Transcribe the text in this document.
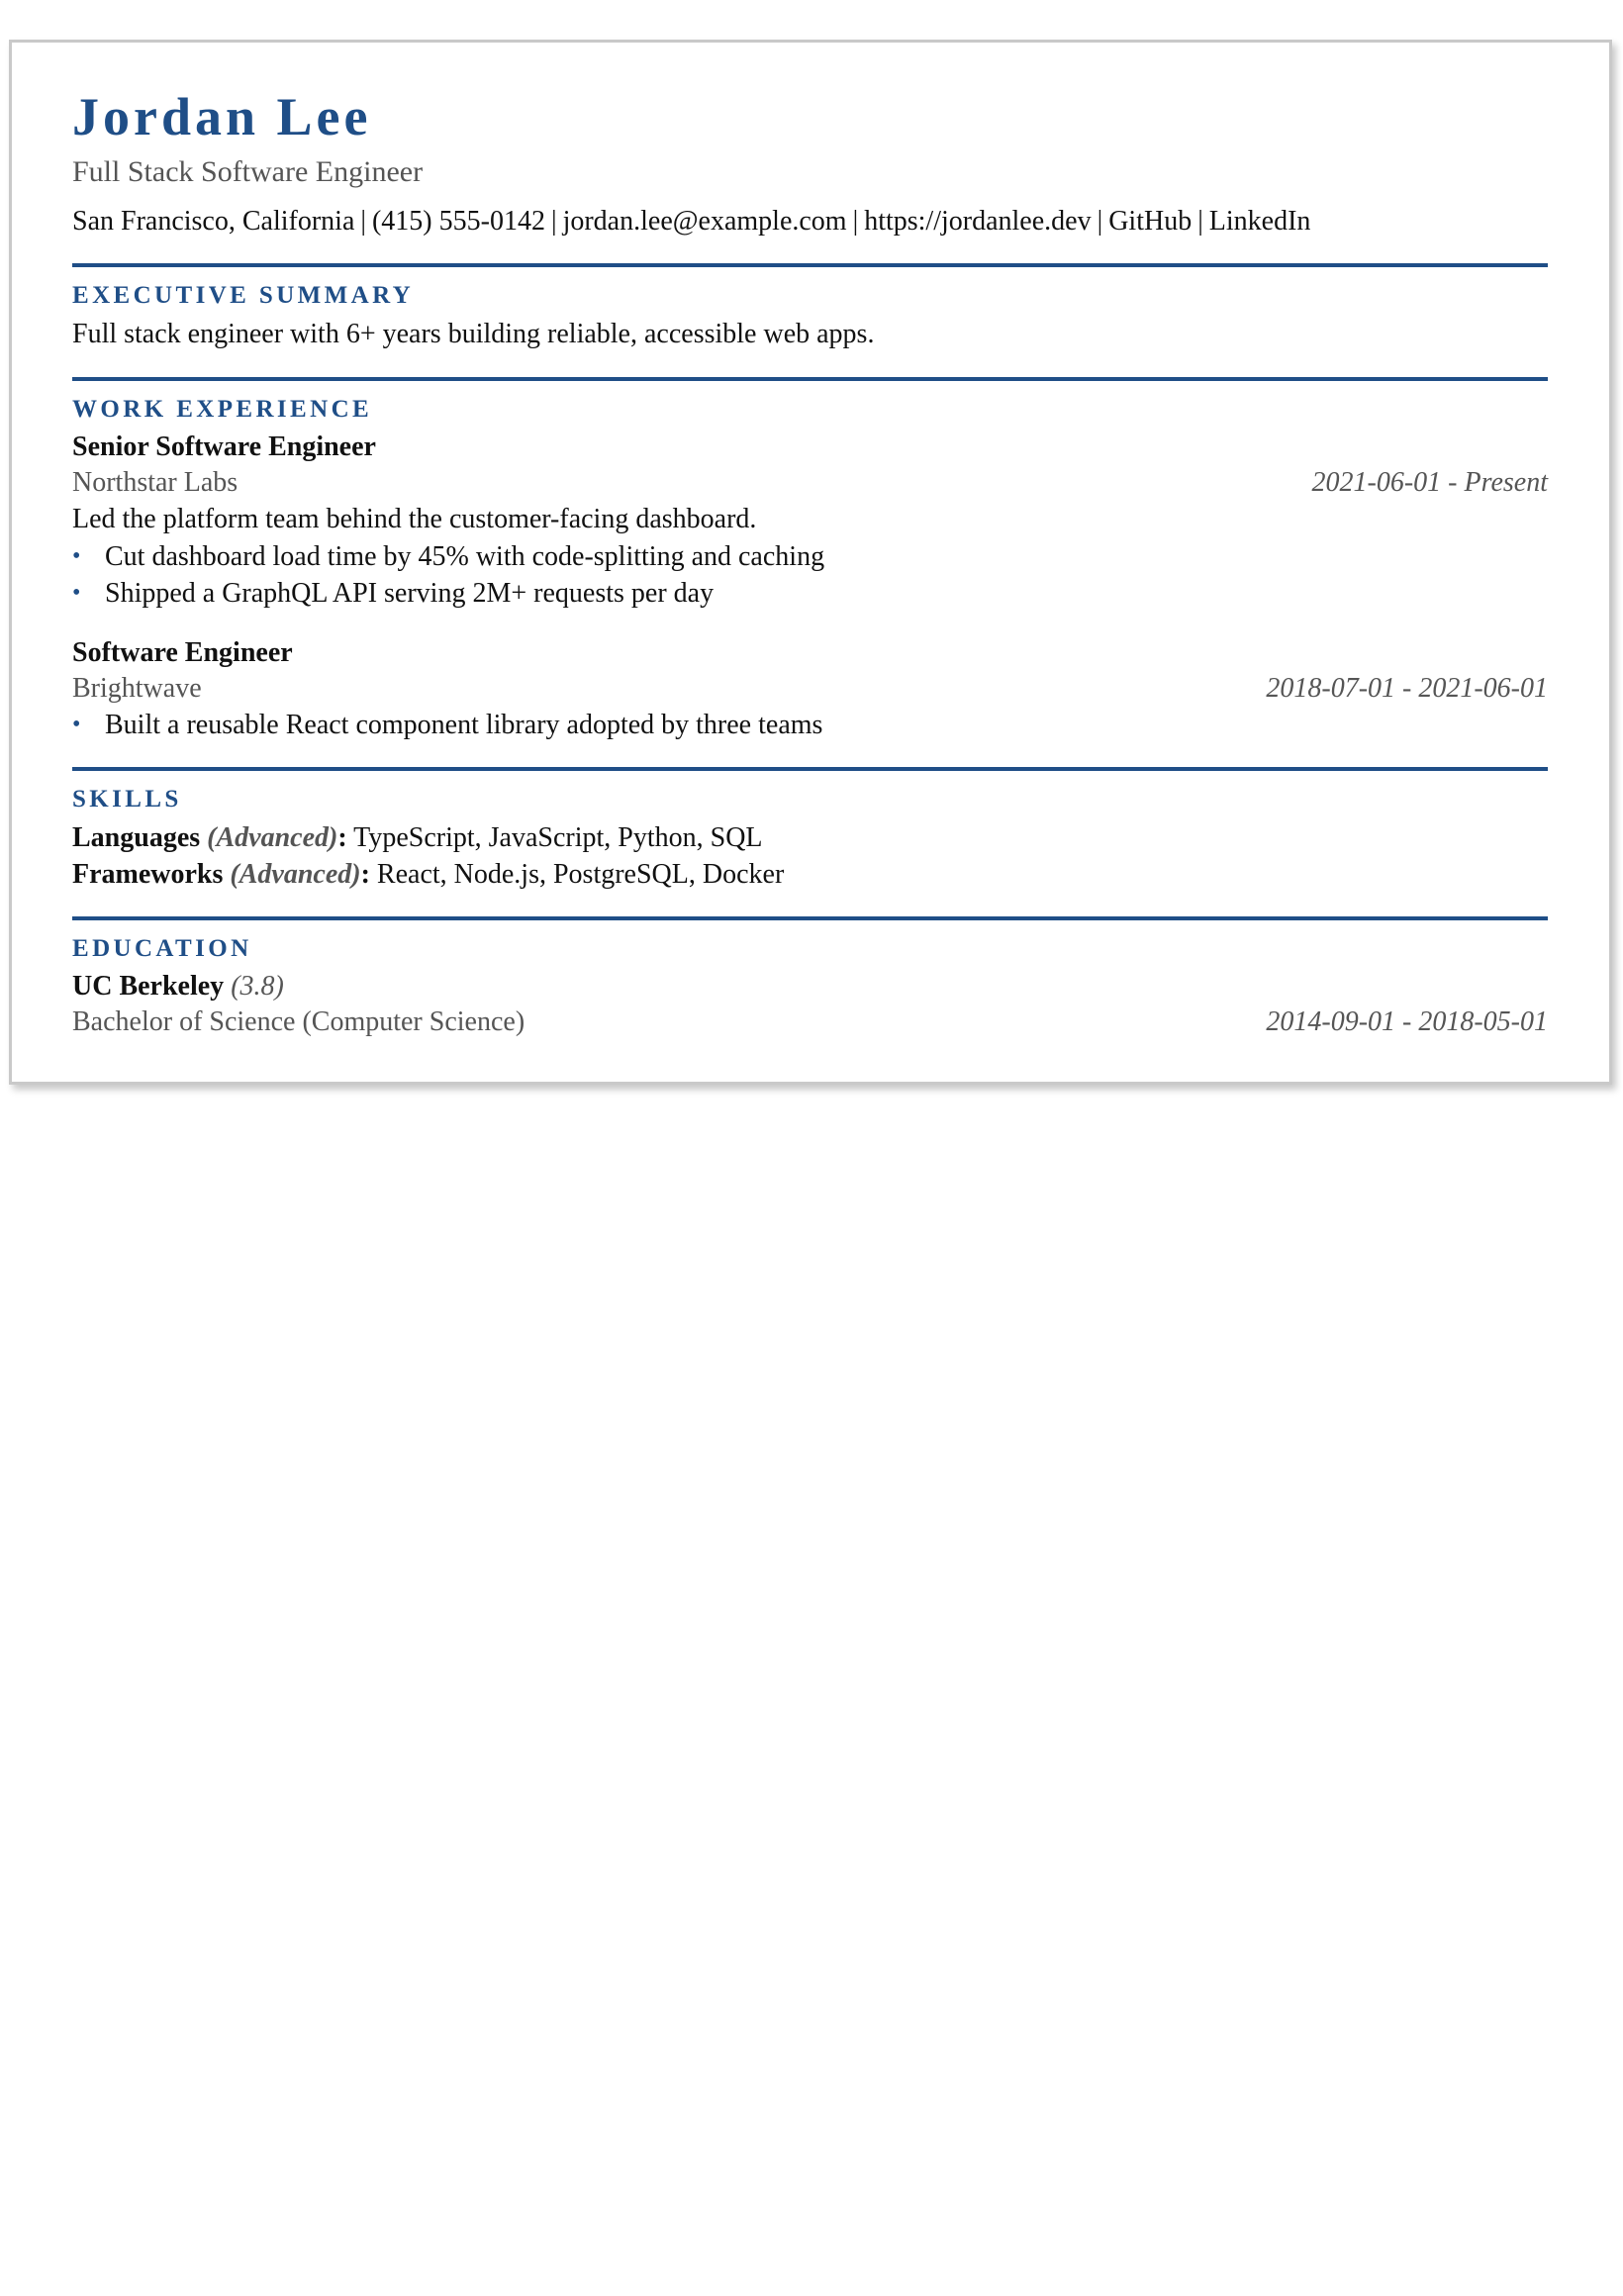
Jordan Lee
Full Stack Software Engineer
San Francisco, California | (415) 555-0142 | jordan.lee@example.com | https://jordanlee.dev | GitHub | LinkedIn
EXECUTIVE SUMMARY
Full stack engineer with 6+ years building reliable, accessible web apps.
WORK EXPERIENCE
Senior Software Engineer
Northstar Labs	2021-06-01 - Present
Led the platform team behind the customer-facing dashboard.
• Cut dashboard load time by 45% with code-splitting and caching
• Shipped a GraphQL API serving 2M+ requests per day
Software Engineer
Brightwave	2018-07-01 - 2021-06-01
• Built a reusable React component library adopted by three teams
SKILLS
Languages (Advanced): TypeScript, JavaScript, Python, SQL
Frameworks (Advanced): React, Node.js, PostgreSQL, Docker
EDUCATION
UC Berkeley (3.8)
Bachelor of Science (Computer Science)	2014-09-01 - 2018-05-01
